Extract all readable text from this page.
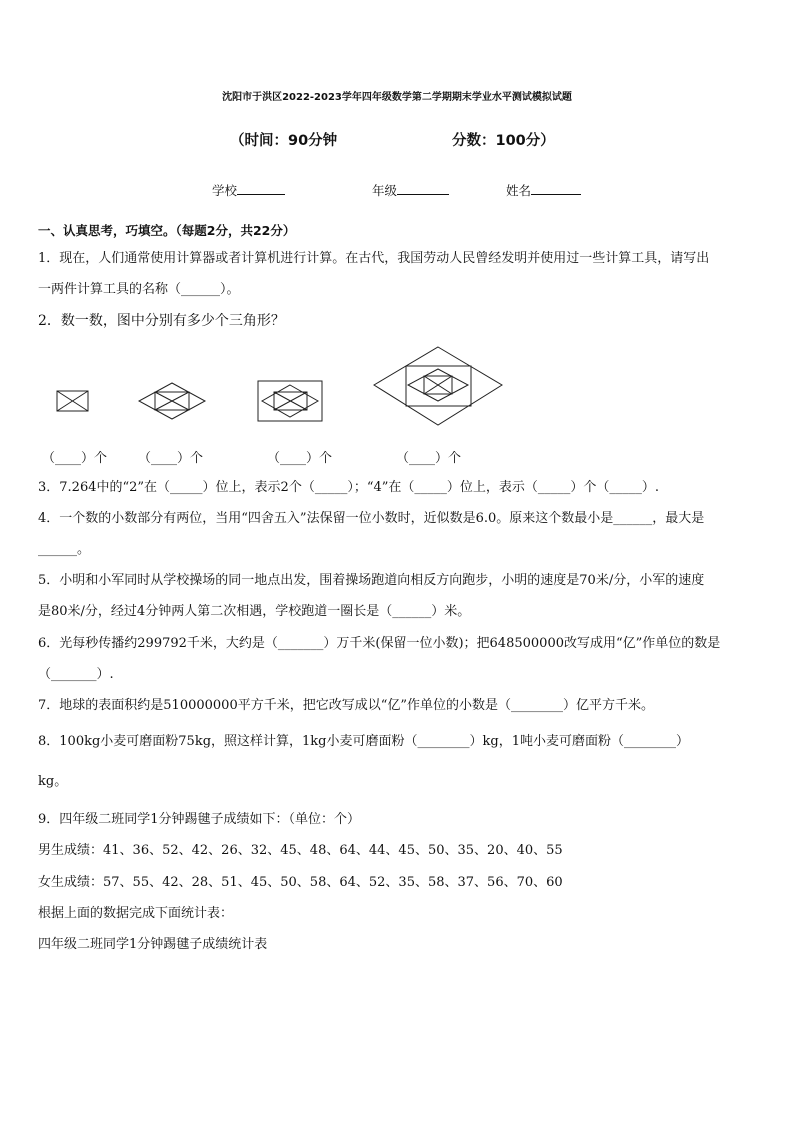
沈阳市于洪区2022-2023学年四年级数学第二学期期末学业水平测试模拟试题
（时间：90分钟	分数：100分）
学校	年级	姓名
一、认真思考，巧填空。（每题2分，共22分）
1．现在，人们通常使用计算器或者计算机进行计算。在古代，我国劳动人民曾经发明并使用过一些计算工具，请写出
一两件计算工具的名称（______）。
2．数一数，图中分别有多少个三角形？
（____）个 （____）个	（____）个	（____）个
3．7.264中的“2”在（_____）位上，表示2个（_____）；“4”在（_____）位上，表示（_____）个（_____）.
4．一个数的小数部分有两位，当用“四舍五入”法保留一位小数时，近似数是6.0。原来这个数最小是______，最大是
______。
5．小明和小军同时从学校操场的同一地点出发，围着操场跑道向相反方向跑步，小明的速度是70米/分，小军的速度
是80米/分，经过4分钟两人第二次相遇，学校跑道一圈长是（______）米。
6．光每秒传播约299792千米，大约是（_______）万千米(保留一位小数)；把648500000改写成用“亿”作单位的数是
（_______）.
7．地球的表面积约是510000000平方千米，把它改写成以“亿”作单位的小数是（________）亿平方千米。
8．100kg小麦可磨面粉75kg，照这样计算，1kg小麦可磨面粉（________）kg，1吨小麦可磨面粉（________）
kg。
9．四年级二班同学1分钟踢毽子成绩如下：（单位：个）
男生成绩：41、36、52、42、26、32、45、48、64、44、45、50、35、20、40、55
女生成绩：57、55、42、28、51、45、50、58、64、52、35、58、37、56、70、60
根据上面的数据完成下面统计表：
四年级二班同学1分钟踢毽子成绩统计表
